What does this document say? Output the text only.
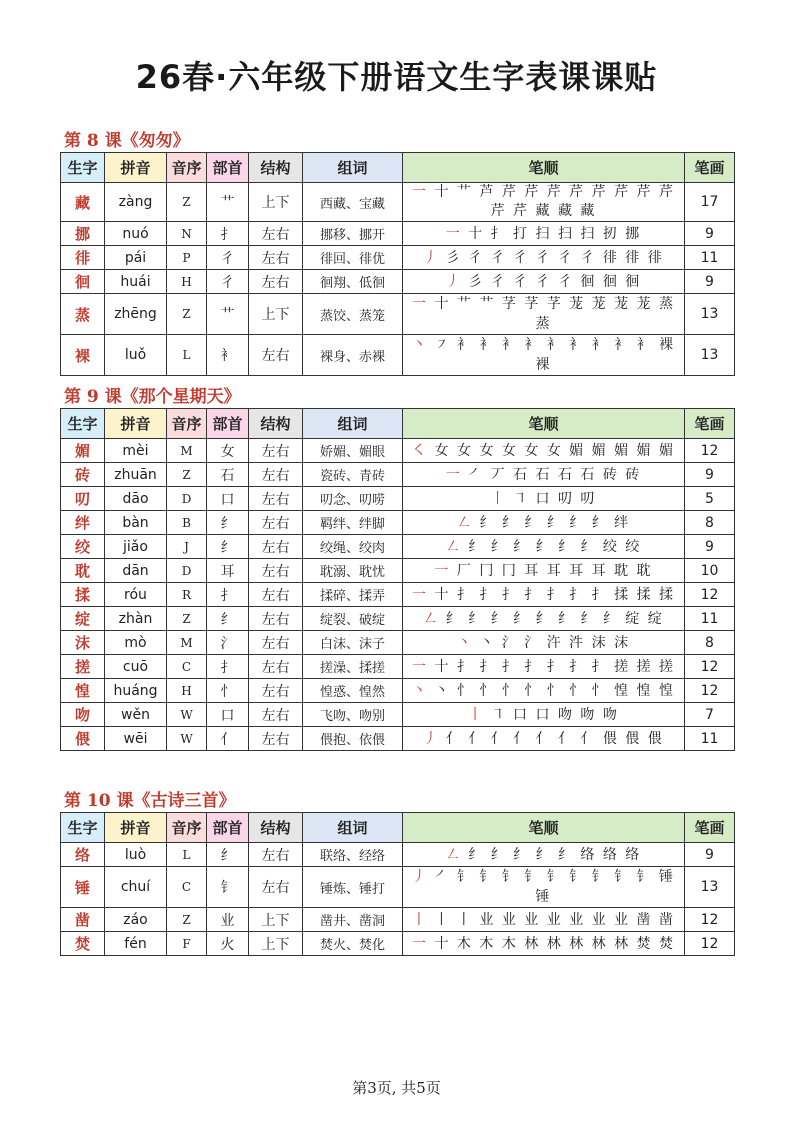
26春·六年级下册语文生字表课课贴
第 8 课《匆匆》
生字	拼音	音序	部首	结构	组词	笔顺	笔画
藏	zàng	Z	艹	上下	西藏、宝藏	一 十 艹 芦 芹 芹 芹 芹 芹 芹 芹 芹 芹 芹 藏 藏 藏	17
挪	nuó	N	扌	左右	挪移、挪开	一 十 扌 打 扫 扫 扫 扨 挪	9
徘	pái	P	彳	左右	徘回、徘优	丿 彡 彳 彳 彳 彳 彳 彳 徘 徘 徘	11
徊	huái	H	彳	左右	徊翔、低徊	丿 彡 彳 彳 彳 彳 徊 徊 徊	9
蒸	zhēng	Z	艹	上下	蒸饺、蒸笼	一 十 艹 艹 芓 芓 芓 茏 茏 茏 茏 蒸 蒸	13
裸	luǒ	L	衤	左右	裸身、赤裸	丶 ㇇ 衤 衤 衤 衤 衤 衤 衤 衤 衤 裸 裸	13
第 9 课《那个星期天》
生字	拼音	音序	部首	结构	组词	笔顺	笔画
媚	mèi	M	女	左右	娇媚、媚眼	㇛ 女 女 女 女 女 女 媚 媚 媚 媚 媚	12
砖	zhuān	Z	石	左右	瓷砖、青砖	一 ㇒ 丆 石 石 石 石 砖 砖	9
叨	dāo	D	口	左右	叨念、叨唠	丨 ㇕ 口 叨 叨	5
绊	bàn	B	纟	左右	羁绊、绊脚	㇜ 纟 纟 纟 纟 纟 纟 绊	8
绞	jiǎo	J	纟	左右	绞绳、绞肉	㇜ 纟 纟 纟 纟 纟 纟 绞 绞	9
耽	dān	D	耳	左右	耽溺、耽忧	一 厂 冂 冂 耳 耳 耳 耳 耽 耽	10
揉	róu	R	扌	左右	揉碎、揉弄	一 十 扌 扌 扌 扌 扌 扌 扌 揉 揉 揉	12
绽	zhàn	Z	纟	左右	绽裂、破绽	㇜ 纟 纟 纟 纟 纟 纟 纟 纟 绽 绽	11
沫	mò	M	氵	左右	白沫、沫子	丶 丶 氵 氵 汻 汼 沫 沫	8
搓	cuō	C	扌	左右	搓澡、揉搓	一 十 扌 扌 扌 扌 扌 扌 扌 搓 搓 搓	12
惶	huáng	H	忄	左右	惶惑、惶然	丶 丶 忄 忄 忄 忄 忄 忄 忄 惶 惶 惶	12
吻	wěn	W	口	左右	飞吻、吻别	丨 ㇕ 口 口 吻 吻 吻	7
偎	wēi	W	亻	左右	偎抱、依偎	丿 亻 亻 亻 亻 亻 亻 亻 偎 偎 偎	11
第 10 课《古诗三首》
生字	拼音	音序	部首	结构	组词	笔顺	笔画
络	luò	L	纟	左右	联络、经络	㇜ 纟 纟 纟 纟 纟 络 络 络	9
锤	chuí	C	钅	左右	锤炼、锤打	丿 ㇒ 钅 钅 钅 钅 钅 钅 钅 钅 钅 锤 锤	13
凿	záo	Z	业	上下	凿井、凿洞	丨 丨 丨 业 业 业 业 业 业 业 凿 凿	12
焚	fén	F	火	上下	焚火、焚化	一 十 木 木 木 林 林 林 林 林 焚 焚	12
第3页, 共5页
